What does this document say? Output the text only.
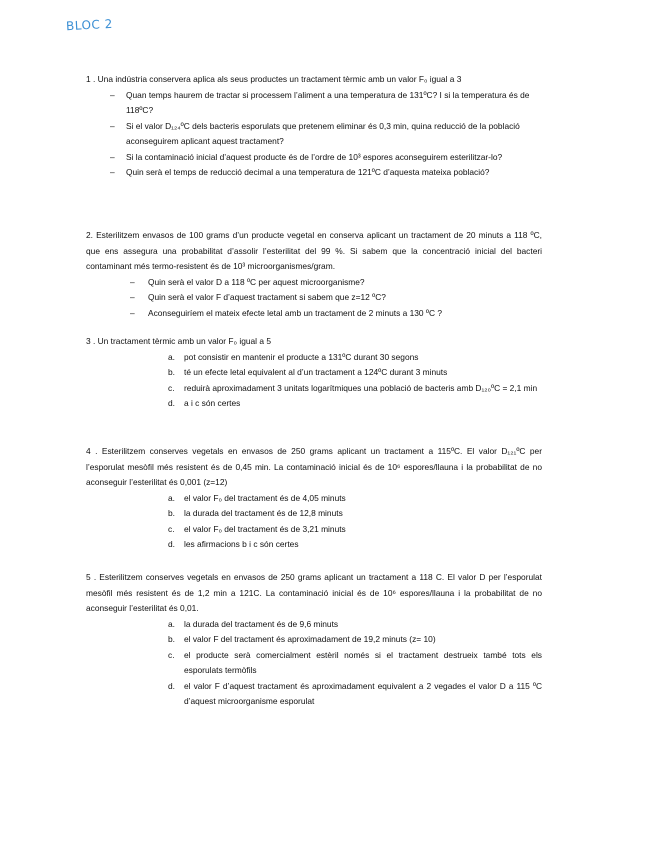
BLOC 2

1 . Una indústria conservera aplica als seus productes un tractament tèrmic amb un valor F₀ igual a 3

– Quan temps haurem de tractar si processem l’aliment a una temperatura de 131ºC? I si la temperatura és de 118ºC?
– Si el valor D₁₂₄ºC dels bacteris esporulats que pretenem eliminar és 0,3 min, quina reducció de la població aconseguirem aplicant aquest tractament?
– Si la contaminació inicial d’aquest producte és de l’ordre de 10³ espores aconseguirem esterilitzar-lo?
– Quin serà el temps de reducció decimal a una temperatura de 121ºC d’aquesta mateixa població?

2. Esterilitzem envasos de 100 grams d’un producte vegetal en conserva aplicant un tractament de 20 minuts a 118 ºC, que ens assegura una probabilitat d’assolir l’esterilitat del 99 %. Si sabem que la concentració inicial del bacteri contaminant més termo-resistent és de 10³ microorganismes/gram.

– Quin serà el valor D a 118 ºC per aquest microorganisme?
– Quin serà el valor F d’aquest tractament si sabem que z=12 ºC?
– Aconseguiríem el mateix efecte letal amb un tractament de 2 minuts a 130 ºC ?

3 . Un tractament tèrmic amb un valor F₀ igual a 5

a. pot consistir en mantenir el producte a 131ºC durant 30 segons
b. té un efecte letal equivalent al d’un tractament a 124ºC durant 3 minuts
c. reduirà aproximadament 3 unitats logarítmiques una població de bacteris amb D₁₂₀ºC = 2,1 min
d. a i c són certes

4 . Esterilitzem conserves vegetals en envasos de 250 grams aplicant un tractament a 115ºC. El valor D₁₂₁ºC per l’esporulat mesòfil més resistent és de 0,45 min. La contaminació inicial és de 10⁶ espores/llauna i la probabilitat de no aconseguir l’esterilitat és 0,001 (z=12)

a. el valor F₀ del tractament és de 4,05 minuts
b. la durada del tractament és de 12,8 minuts
c. el valor F₀ del tractament és de 3,21 minuts
d. les afirmacions b i c són certes

5 . Esterilitzem conserves vegetals en envasos de 250 grams aplicant un tractament a 118 C. El valor D per l’esporulat mesòfil més resistent és de 1,2 min a 121C. La contaminació inicial és de 10⁶ espores/llauna i la probabilitat de no aconseguir l’esterilitat és 0,01.

a. la durada del tractament és de 9,6 minuts
b. el valor F del tractament és aproximadament de 19,2 minuts (z= 10)
c. el producte serà comercialment estèril només si el tractament destrueix també tots els esporulats termòfils
d. el valor F d’aquest tractament és aproximadament equivalent a 2 vegades el valor D a 115 ºC d’aquest microorganisme esporulat
